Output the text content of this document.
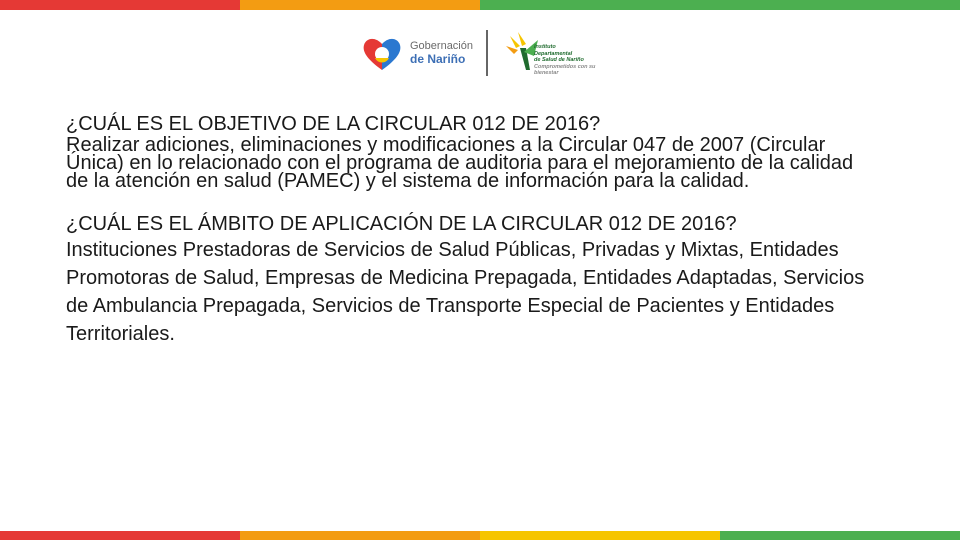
Gobernación
de Nariño
Instituto
Departamental
de Salud de Nariño
Comprometidos con su bienestar

¿CUÁL ES EL OBJETIVO DE LA CIRCULAR 012 DE 2016?

Realizar adiciones, eliminaciones y modificaciones a la Circular 047 de 2007 (Circular Única) en lo relacionado con el programa de auditoria para el mejoramiento de la calidad de la atención en salud (PAMEC) y el sistema de información para la calidad.

¿CUÁL ES EL ÁMBITO DE APLICACIÓN DE LA CIRCULAR 012 DE 2016?

Instituciones Prestadoras de Servicios de Salud Públicas, Privadas y Mixtas, Entidades Promotoras de Salud, Empresas de Medicina Prepagada, Entidades Adaptadas, Servicios de Ambulancia Prepagada, Servicios de Transporte Especial de Pacientes y Entidades Territoriales.
